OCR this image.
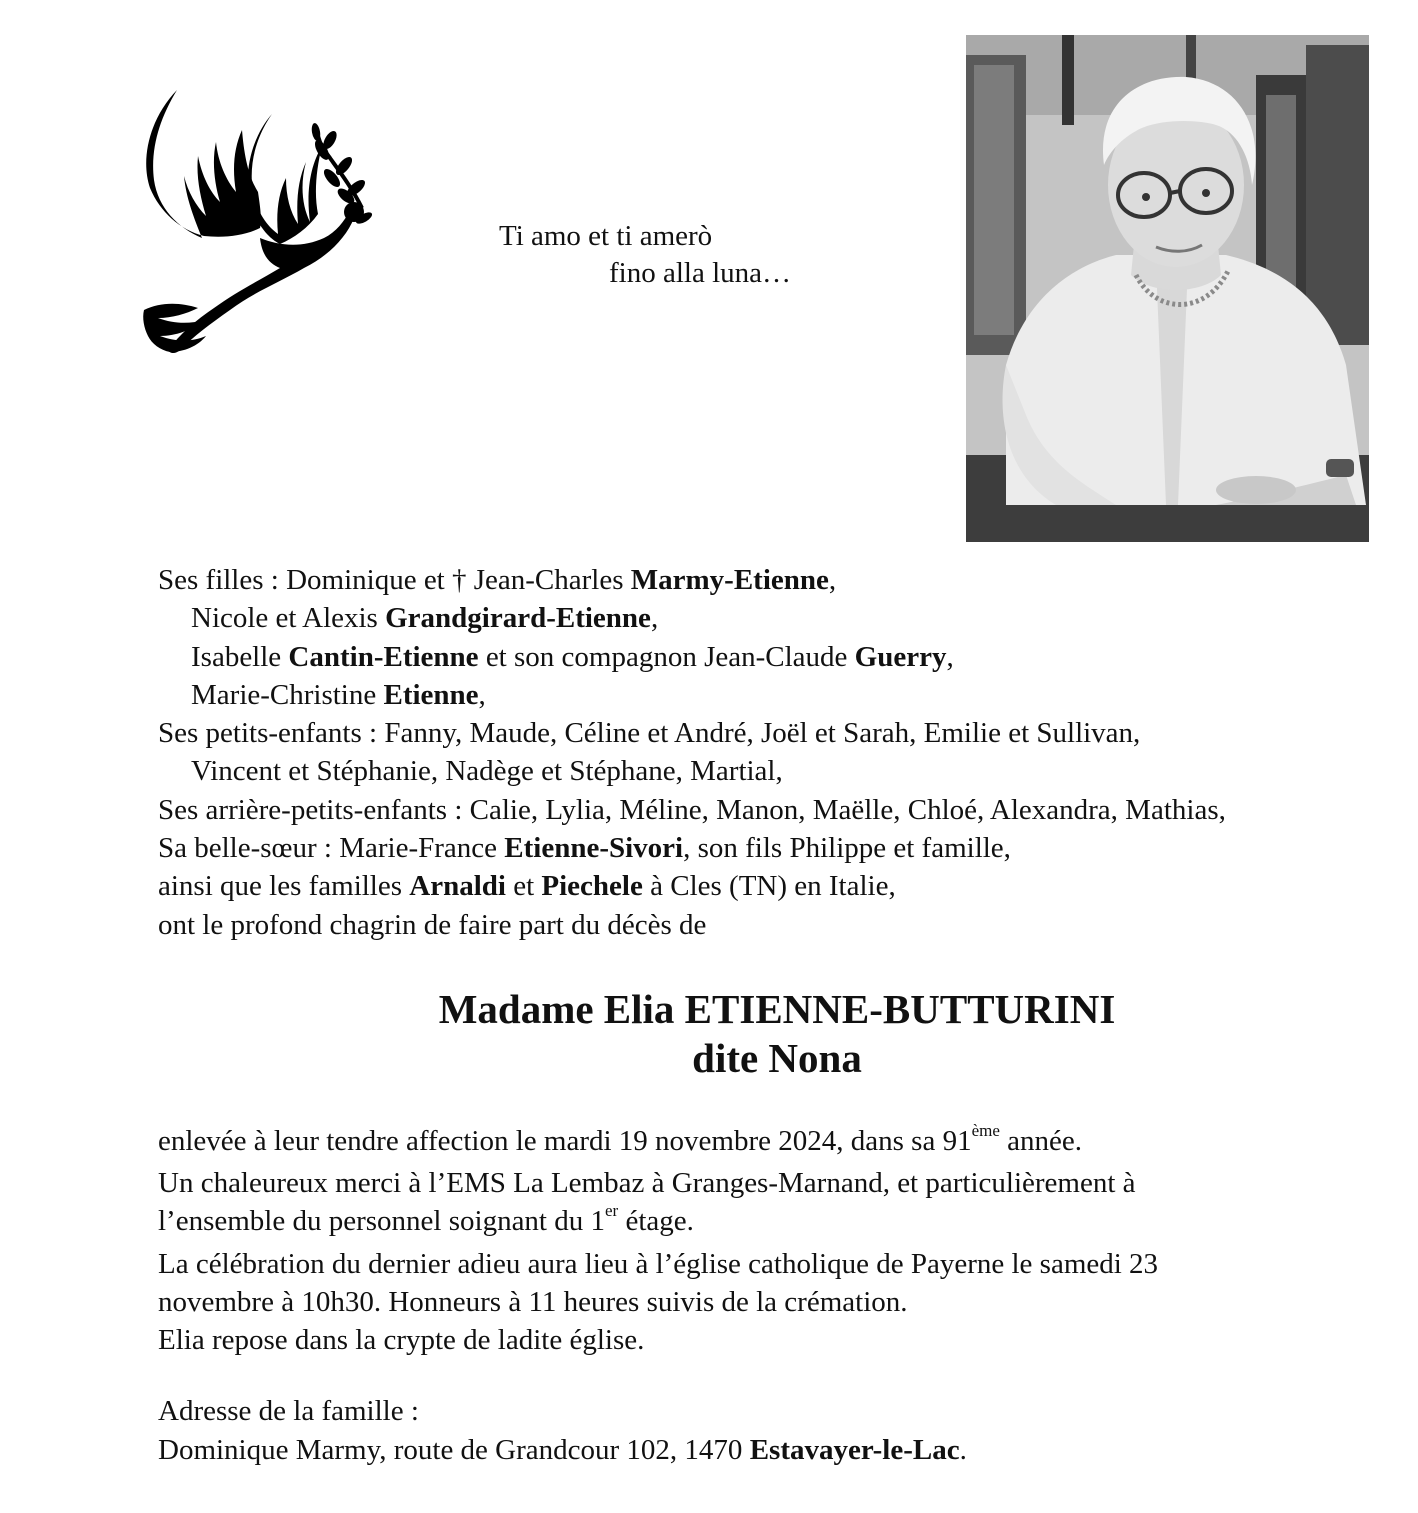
Ti amo et ti amerò
fino alla luna…
Ses filles : Dominique et † Jean-Charles Marmy-Etienne,
Nicole et Alexis Grandgirard-Etienne,
Isabelle Cantin-Etienne et son compagnon Jean-Claude Guerry,
Marie-Christine Etienne,
Ses petits-enfants : Fanny, Maude, Céline et André, Joël et Sarah, Emilie et Sullivan,
Vincent et Stéphanie, Nadège et Stéphane, Martial,
Ses arrière-petits-enfants : Calie, Lylia, Méline, Manon, Maëlle, Chloé, Alexandra, Mathias,
Sa belle-sœur : Marie-France Etienne-Sivori, son fils Philippe et famille,
ainsi que les familles Arnaldi et Piechele à Cles (TN) en Italie,
ont le profond chagrin de faire part du décès de
Madame Elia ETIENNE-BUTTURINI
dite Nona
enlevée à leur tendre affection le mardi 19 novembre 2024, dans sa 91ème année.
Un chaleureux merci à l’EMS La Lembaz à Granges-Marnand, et particulièrement à
l’ensemble du personnel soignant du 1er étage.
La célébration du dernier adieu aura lieu à l’église catholique de Payerne le samedi 23
novembre à 10h30. Honneurs à 11 heures suivis de la crémation.
Elia repose dans la crypte de ladite église.
Adresse de la famille :
Dominique Marmy, route de Grandcour 102, 1470 Estavayer-le-Lac.
